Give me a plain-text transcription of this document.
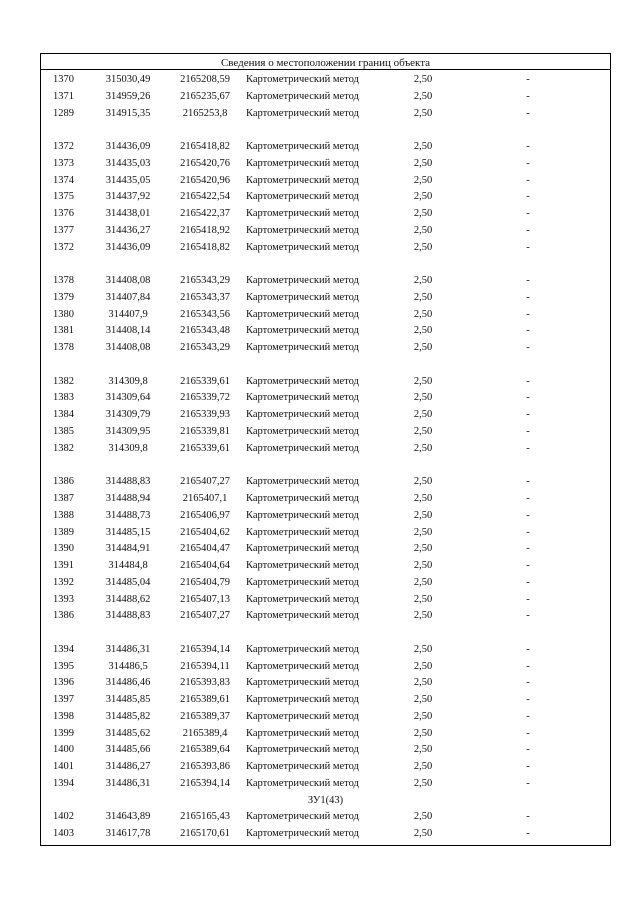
Сведения о местоположении границ объекта
1370	315030,49	2165208,59	Картометрический метод	2,50	-
1371	314959,26	2165235,67	Картометрический метод	2,50	-
1289	314915,35	2165253,8	Картометрический метод	2,50	-
1372	314436,09	2165418,82	Картометрический метод	2,50	-
1373	314435,03	2165420,76	Картометрический метод	2,50	-
1374	314435,05	2165420,96	Картометрический метод	2,50	-
1375	314437,92	2165422,54	Картометрический метод	2,50	-
1376	314438,01	2165422,37	Картометрический метод	2,50	-
1377	314436,27	2165418,92	Картометрический метод	2,50	-
1372	314436,09	2165418,82	Картометрический метод	2,50	-
1378	314408,08	2165343,29	Картометрический метод	2,50	-
1379	314407,84	2165343,37	Картометрический метод	2,50	-
1380	314407,9	2165343,56	Картометрический метод	2,50	-
1381	314408,14	2165343,48	Картометрический метод	2,50	-
1378	314408,08	2165343,29	Картометрический метод	2,50	-
1382	314309,8	2165339,61	Картометрический метод	2,50	-
1383	314309,64	2165339,72	Картометрический метод	2,50	-
1384	314309,79	2165339,93	Картометрический метод	2,50	-
1385	314309,95	2165339,81	Картометрический метод	2,50	-
1382	314309,8	2165339,61	Картометрический метод	2,50	-
1386	314488,83	2165407,27	Картометрический метод	2,50	-
1387	314488,94	2165407,1	Картометрический метод	2,50	-
1388	314488,73	2165406,97	Картометрический метод	2,50	-
1389	314485,15	2165404,62	Картометрический метод	2,50	-
1390	314484,91	2165404,47	Картометрический метод	2,50	-
1391	314484,8	2165404,64	Картометрический метод	2,50	-
1392	314485,04	2165404,79	Картометрический метод	2,50	-
1393	314488,62	2165407,13	Картометрический метод	2,50	-
1386	314488,83	2165407,27	Картометрический метод	2,50	-
1394	314486,31	2165394,14	Картометрический метод	2,50	-
1395	314486,5	2165394,11	Картометрический метод	2,50	-
1396	314486,46	2165393,83	Картометрический метод	2,50	-
1397	314485,85	2165389,61	Картометрический метод	2,50	-
1398	314485,82	2165389,37	Картометрический метод	2,50	-
1399	314485,62	2165389,4	Картометрический метод	2,50	-
1400	314485,66	2165389,64	Картометрический метод	2,50	-
1401	314486,27	2165393,86	Картометрический метод	2,50	-
1394	314486,31	2165394,14	Картометрический метод	2,50	-
ЗУ1(43)
1402	314643,89	2165165,43	Картометрический метод	2,50	-
1403	314617,78	2165170,61	Картометрический метод	2,50	-
